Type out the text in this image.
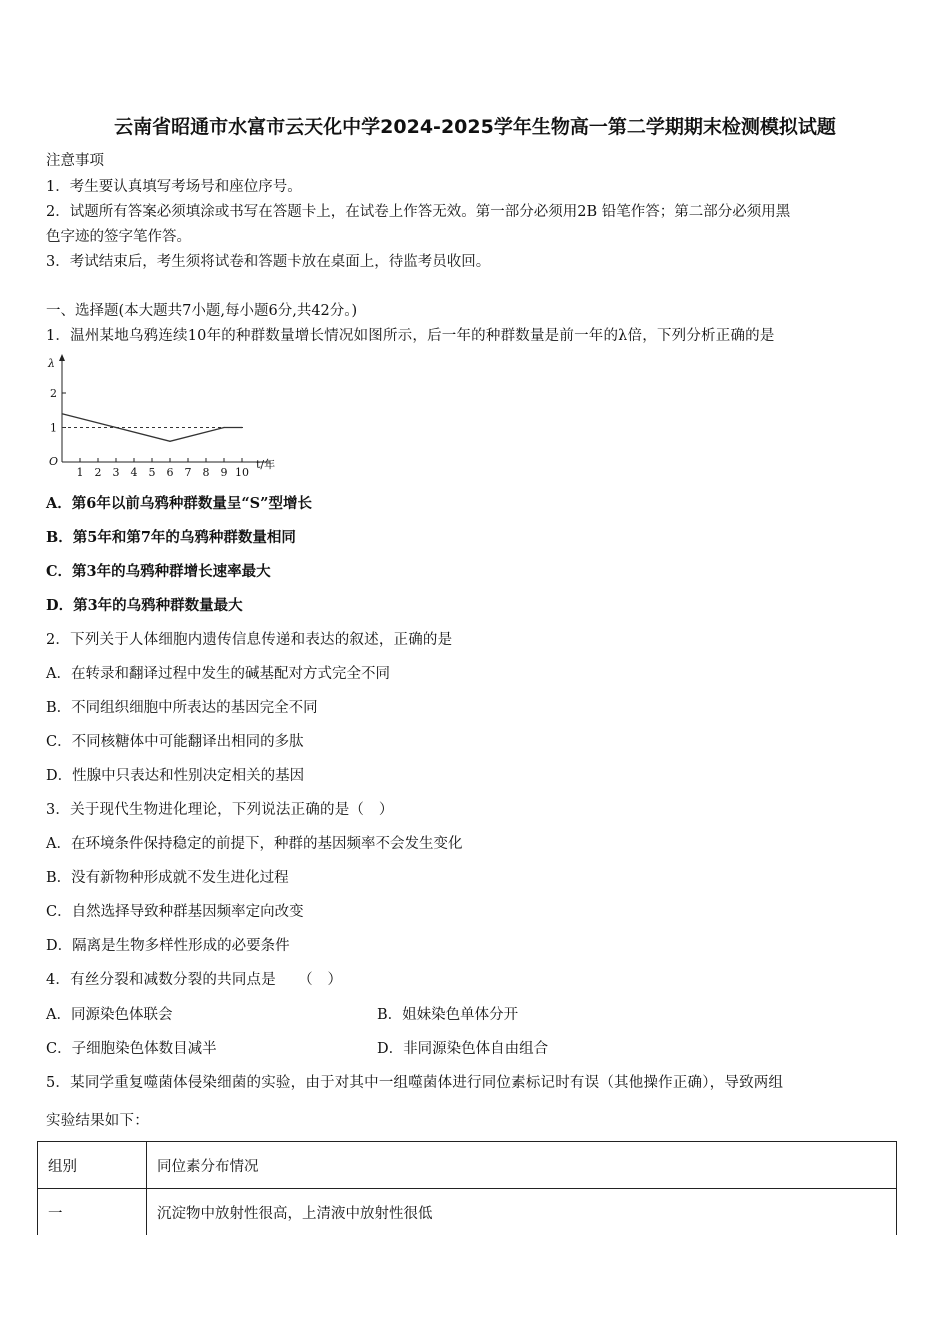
云南省昭通市水富市云天化中学2024-2025学年生物高一第二学期期末检测模拟试题
注意事项
1．考生要认真填写考场号和座位序号。
2．试题所有答案必须填涂或书写在答题卡上，在试卷上作答无效。第一部分必须用2B 铅笔作答；第二部分必须用黑
色字迹的签字笔作答。
3．考试结束后，考生须将试卷和答题卡放在桌面上，待监考员收回。
一、选择题(本大题共7小题,每小题6分,共42分。)
1．温州某地乌鸦连续10年的种群数量增长情况如图所示，后一年的种群数量是前一年的λ倍，下列分析正确的是
λ
O	t/年
1
2
1 2 3 4 5 6 7 8 9 10
A．第6年以前乌鸦种群数量呈“S”型增长
B．第5年和第7年的乌鸦种群数量相同
C．第3年的乌鸦种群增长速率最大
D．第3年的乌鸦种群数量最大
2．下列关于人体细胞内遗传信息传递和表达的叙述，正确的是
A．在转录和翻译过程中发生的碱基配对方式完全不同
B．不同组织细胞中所表达的基因完全不同
C．不同核糖体中可能翻译出相同的多肽
D．性腺中只表达和性别决定相关的基因
3．关于现代生物进化理论，下列说法正确的是（　）
A．在环境条件保持稳定的前提下，种群的基因频率不会发生变化
B．没有新物种形成就不发生进化过程
C．自然选择导致种群基因频率定向改变
D．隔离是生物多样性形成的必要条件
4．有丝分裂和减数分裂的共同点是　　（　）
A．同源染色体联会	B．姐妹染色单体分开
C．子细胞染色体数目减半	D．非同源染色体自由组合
5．某同学重复噬菌体侵染细菌的实验，由于对其中一组噬菌体进行同位素标记时有误（其他操作正确），导致两组
实验结果如下：
组别	同位素分布情况
一	沉淀物中放射性很高，上清液中放射性很低
